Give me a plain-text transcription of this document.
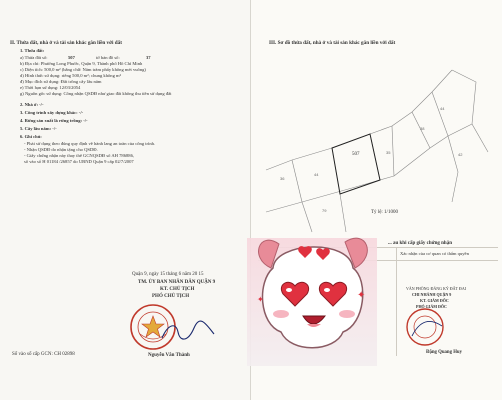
II. Thửa đất, nhà ở và tài sản khác gắn liền với đất
1. Thửa đất:
a) Thửa đất số:	507	tờ bản đồ số:	37
b) Địa chỉ: Phường Long Phước, Quận 9, Thành phố Hồ Chí Minh
c) Diện tích: 500,0 m² (bằng chữ: Năm trăm phẩy không mét vuông)
d) Hình thức sử dụng: riêng 500,0 m²; chung không m²
đ) Mục đích sử dụng: Đất trồng cây lâu năm
e) Thời hạn sử dụng: 12/03/2054
g) Nguồn gốc sử dụng: Công nhận QSDĐ như giao đất không thu tiền sử dụng đất
2. Nhà ở: -/-
3. Công trình xây dựng khác: -/-
4. Rừng sản xuất là rừng trồng: -/-
5. Cây lâu năm: -/-
6. Ghi chú:
- Phải sử dụng theo đúng quy định về hành lang an toàn của công trình.
- Nhận QSDĐ do nhận tặng cho QSDĐ.
- Giấy chứng nhận này thay thế GCNQSDĐ số AH 786886,
số vào sổ H 01184 /26857 do UBND Quận 9 cấp 02/7/2007
Quận 9, ngày 15 tháng 6 năm 20 15
TM. ỦY BAN NHÂN DÂN QUẬN 9
KT. CHỦ TỊCH
PHÓ CHỦ TỊCH
Nguyễn Văn Thành
Số vào sổ cấp GCN: CH 02898
III. Sơ đồ thửa đất, nhà ở và tài sản khác gắn liền với đất
36
44
35
38
44
42
79
507
Tỷ lệ: 1/1000
... au khi cấp giấy chứng nhận
Xác nhận của cơ quan có thẩm quyền
VĂN PHÒNG ĐĂNG KÝ ĐẤT ĐAI
CHI NHÁNH QUẬN 9
KT. GIÁM ĐỐC
PHÓ GIÁM ĐỐC
Đặng Quang Huy
✦
✦
